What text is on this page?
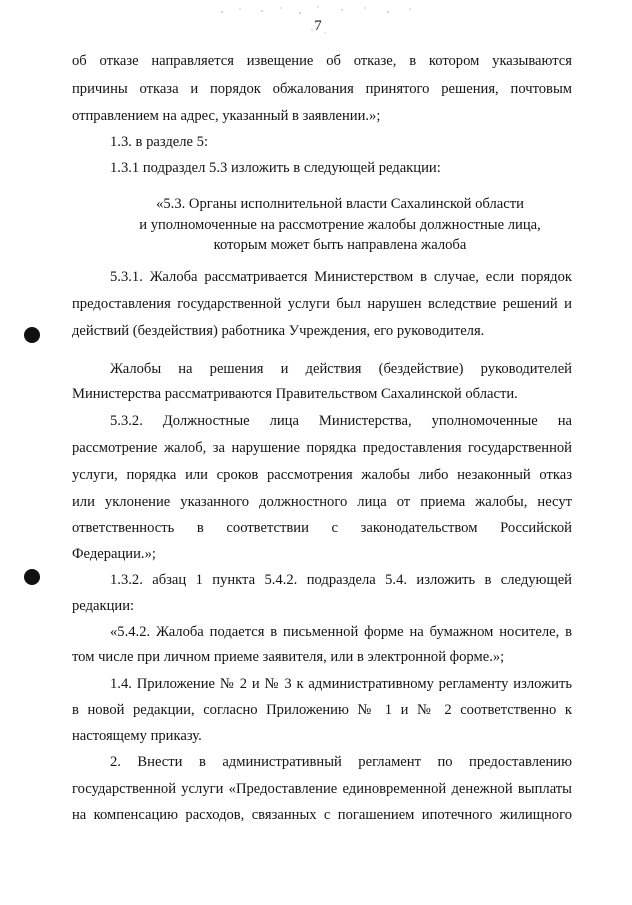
7
об отказе направляется извещение об отказе, в котором указываются
причины отказа и порядок обжалования принятого решения, почтовым
отправлением на адрес, указанный в заявлении.»;
1.3. в разделе 5:
1.3.1 подраздел 5.3 изложить в следующей редакции:
«5.3. Органы исполнительной власти Сахалинской области
и уполномоченные на рассмотрение жалобы должностные лица,
которым может быть направлена жалоба
5.3.1. Жалоба рассматривается Министерством в случае, если порядок
предоставления государственной услуги был нарушен вследствие решений и
действий (бездействия) работника Учреждения, его руководителя.
Жалобы на решения и действия (бездействие) руководителей
Министерства рассматриваются Правительством Сахалинской области.
5.3.2. Должностные лица Министерства, уполномоченные на
рассмотрение жалоб, за нарушение порядка предоставления государственной
услуги, порядка или сроков рассмотрения жалобы либо незаконный отказ
или уклонение указанного должностного лица от приема жалобы, несут
ответственность в соответствии с законодательством Российской
Федерации.»;
1.3.2. абзац 1 пункта 5.4.2. подраздела 5.4. изложить в следующей
редакции:
«5.4.2. Жалоба подается в письменной форме на бумажном носителе, в
том числе при личном приеме заявителя, или в электронной форме.»;
1.4. Приложение № 2 и № 3 к административному регламенту изложить
в новой редакции, согласно Приложению № 1 и № 2 соответственно к
настоящему приказу.
2. Внести в административный регламент по предоставлению
государственной услуги «Предоставление единовременной денежной выплаты
на компенсацию расходов, связанных с погашением ипотечного жилищного
